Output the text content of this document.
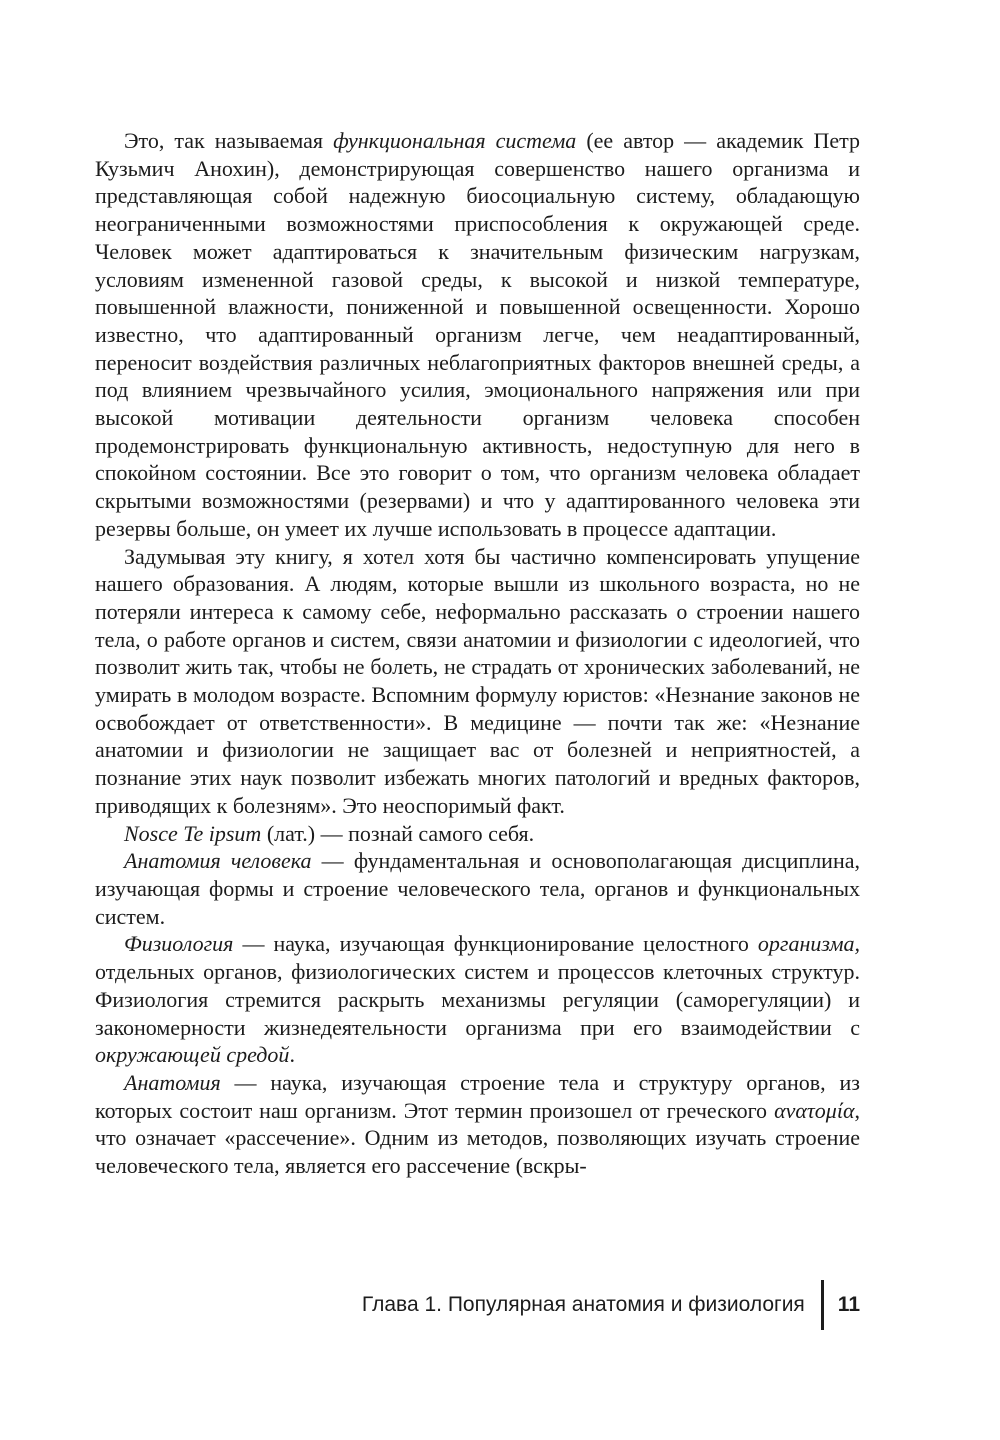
Это, так называемая функциональная система (ее автор — академик Петр Кузьмич Анохин), демонстрирующая совершенство нашего организма и представляющая собой надежную биосоциальную систему, обладающую неограниченными возможностями приспособления к окружающей среде. Человек может адаптироваться к значительным физическим нагрузкам, условиям измененной газовой среды, к высокой и низкой температуре, повышенной влажности, пониженной и повышенной освещенности. Хорошо известно, что адаптированный организм легче, чем неадаптированный, переносит воздействия различных неблагоприятных факторов внешней среды, а под влиянием чрезвычайного усилия, эмоционального напряжения или при высокой мотивации деятельности организм человека способен продемонстрировать функциональную активность, недоступную для него в спокойном состоянии. Все это говорит о том, что организм человека обладает скрытыми возможностями (резервами) и что у адаптированного человека эти резервы больше, он умеет их лучше использовать в процессе адаптации.

Задумывая эту книгу, я хотел хотя бы частично компенсировать упущение нашего образования. А людям, которые вышли из школьного возраста, но не потеряли интереса к самому себе, неформально рассказать о строении нашего тела, о работе органов и систем, связи анатомии и физиологии с идеологией, что позволит жить так, чтобы не болеть, не страдать от хронических заболеваний, не умирать в молодом возрасте. Вспомним формулу юристов: «Незнание законов не освобождает от ответственности». В медицине — почти так же: «Незнание анатомии и физиологии не защищает вас от болезней и неприятностей, а познание этих наук позволит избежать многих патологий и вредных факторов, приводящих к болезням». Это неоспоримый факт.

Nosce Te ipsum (лат.) — познай самого себя.

Анатомия человека — фундаментальная и основополагающая дисциплина, изучающая формы и строение человеческого тела, органов и функциональных систем.

Физиология — наука, изучающая функционирование целостного организма, отдельных органов, физиологических систем и процессов клеточных структур. Физиология стремится раскрыть механизмы регуляции (саморегуляции) и закономерности жизнедеятельности организма при его взаимодействии с окружающей средой.

Анатомия — наука, изучающая строение тела и структуру органов, из которых состоит наш организм. Этот термин произошел от греческого ανατομία, что означает «рассечение». Одним из методов, позволяющих изучать строение человеческого тела, является его рассечение (вскры-

Глава 1. Популярная анатомия и физиология	11
